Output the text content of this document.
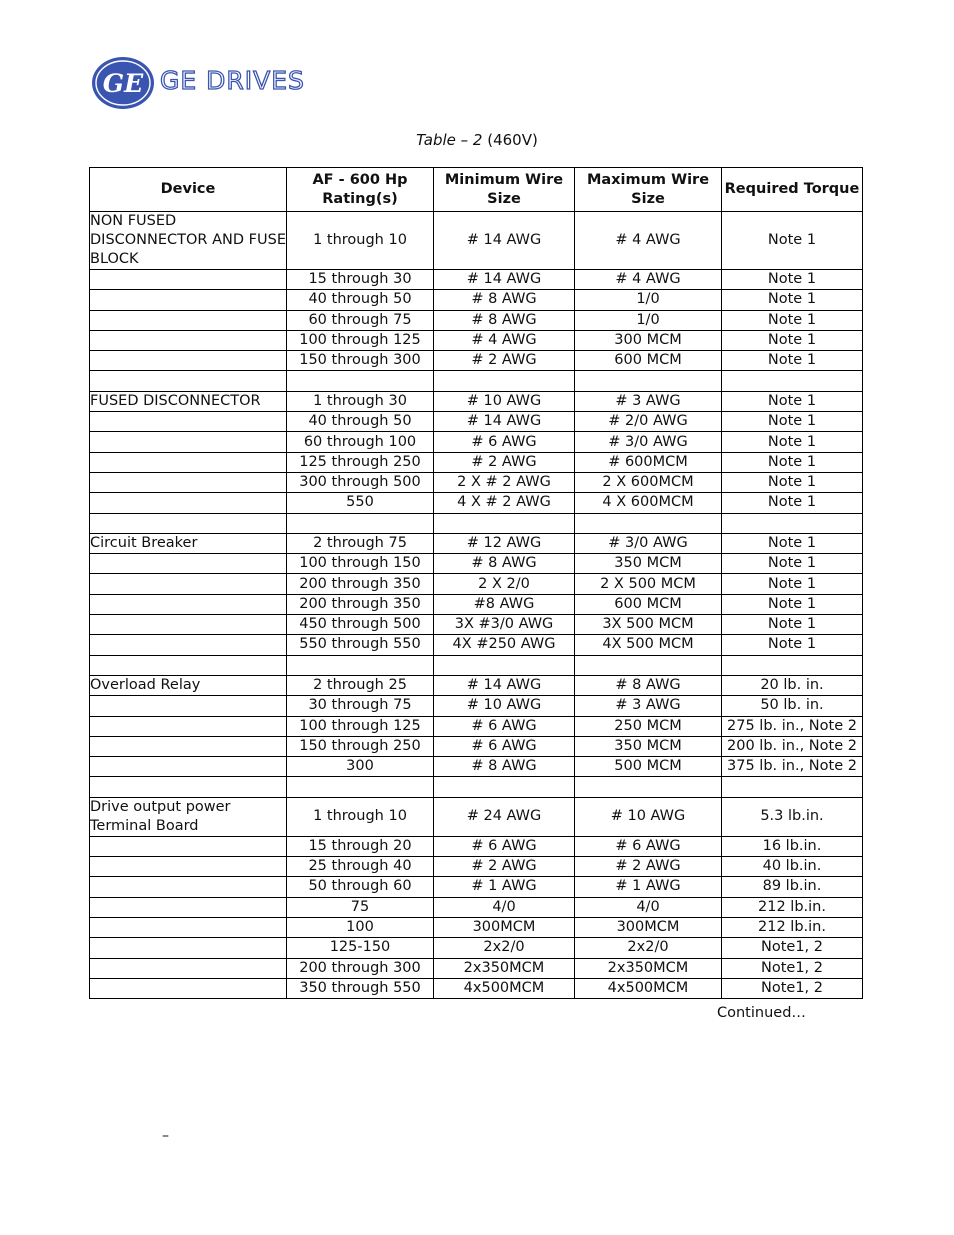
GE GE DRIVES
Table – 2 (460V)
Device	AF - 600 Hp Rating(s)	Minimum Wire Size	Maximum Wire Size	Required Torque
NON FUSED DISCONNECTOR AND FUSE BLOCK	1 through 10	# 14 AWG	# 4 AWG	Note 1
	15 through 30	# 14 AWG	# 4 AWG	Note 1
	40 through 50	# 8 AWG	1/0	Note 1
	60 through 75	# 8 AWG	1/0	Note 1
	100 through 125	# 4 AWG	300 MCM	Note 1
	150 through 300	# 2 AWG	600 MCM	Note 1

FUSED DISCONNECTOR	1 through 30	# 10 AWG	# 3 AWG	Note 1
	40 through 50	# 14 AWG	# 2/0 AWG	Note 1
	60 through 100	# 6 AWG	# 3/0 AWG	Note 1
	125 through 250	# 2 AWG	# 600MCM	Note 1
	300 through 500	2 X # 2 AWG	2 X 600MCM	Note 1
	550	4 X # 2 AWG	4 X 600MCM	Note 1

Circuit Breaker	2 through 75	# 12 AWG	# 3/0 AWG	Note 1
	100 through 150	# 8 AWG	350 MCM	Note 1
	200 through 350	2 X 2/0	2 X 500 MCM	Note 1
	200 through 350	#8 AWG	600 MCM	Note 1
	450 through 500	3X #3/0 AWG	3X 500 MCM	Note 1
	550 through 550	4X #250 AWG	4X 500 MCM	Note 1

Overload Relay	2 through 25	# 14 AWG	# 8 AWG	20 lb. in.
	30 through 75	# 10 AWG	# 3 AWG	50 lb. in.
	100 through 125	# 6 AWG	250 MCM	275 lb. in., Note 2
	150 through 250	# 6 AWG	350 MCM	200 lb. in., Note 2
	300	# 8 AWG	500 MCM	375 lb. in., Note 2

Drive output power Terminal Board	1 through 10	# 24 AWG	# 10 AWG	5.3 lb.in.
	15 through 20	# 6 AWG	# 6 AWG	16 lb.in.
	25 through 40	# 2 AWG	# 2 AWG	40 lb.in.
	50 through 60	# 1 AWG	# 1 AWG	89 lb.in.
	75	4/0	4/0	212 lb.in.
	100	300MCM	300MCM	212 lb.in.
	125-150	2x2/0	2x2/0	Note1, 2
	200 through 300	2x350MCM	2x350MCM	Note1, 2
	350 through 550	4x500MCM	4x500MCM	Note1, 2
Continued…
–
